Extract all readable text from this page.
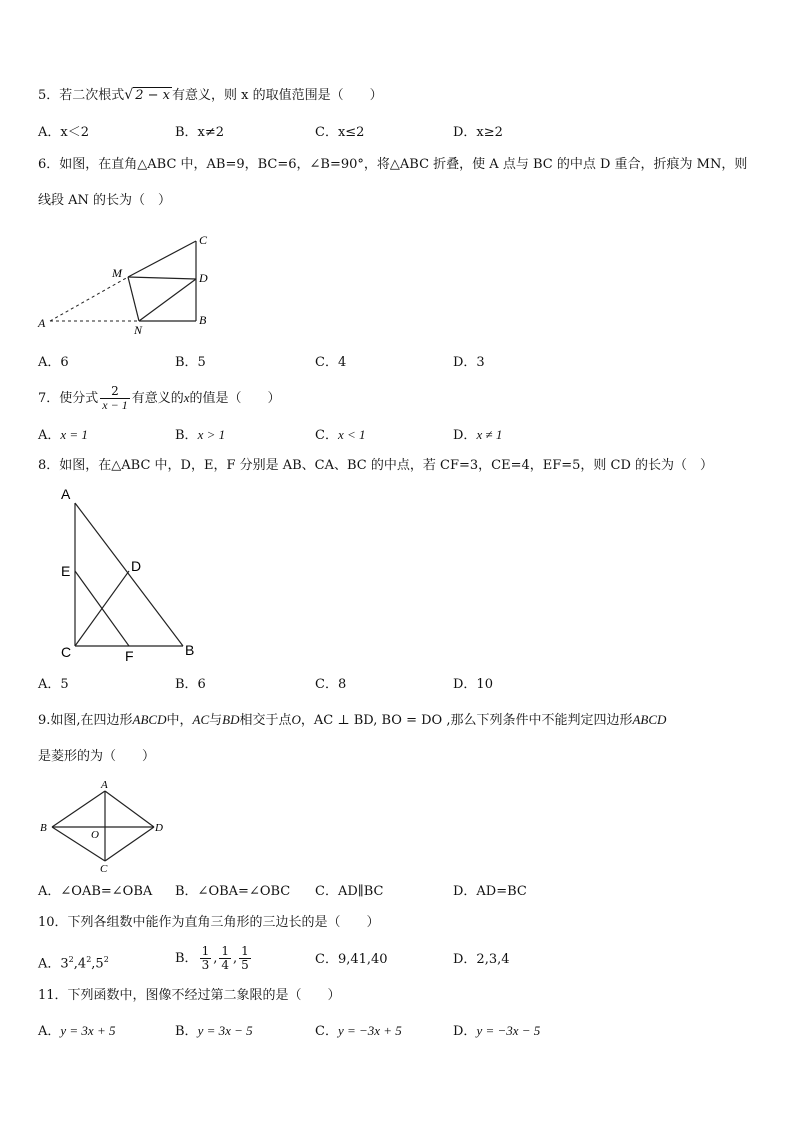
5．若二次根式√ 2 − x 有意义，则 x 的取值范围是（　　）
A．x＜2	B．x≠2	C．x≤2	D．x≥2
6．如图，在直角△ABC 中，AB=9，BC=6，∠B=90°，将△ABC 折叠，使 A 点与 BC 的中点 D 重合，折痕为 MN，则
线段 AN 的长为（　）
A	B
C
D
M
N
A．6	B．5	C．4	D．3
7．使分式 $\frac{2}{x - 1}$ 有意义的x的值是（　　）
A．x = 1	B．x > 1	C．x < 1	D．x ≠ 1
8．如图，在△ABC 中，D，E，F 分别是 AB、CA、BC 的中点，若 CF=3，CE=4，EF=5，则 CD 的长为（　）
A
B
C
D
E
F
A．5	B．6	C．8	D．10
9.如图,在四边形ABCD中，AC与BD相交于点O，AC ⊥ BD, BO = DO ,那么下列条件中不能判定四边形ABCD
是菱形的为（　　）
A
B
C
D
O
A．∠OAB=∠OBA B．∠OBA=∠OBC C．AD∥BC	D．AD=BC
10．下列各组数中能作为直角三角形的三边长的是（　　）
A．$3^2,4^2,5^2$	B． $\frac{1}{3}$ , $\frac{1}{4}$ , $\frac{1}{5}$	C．9,41,40	D．2,3,4
11．下列函数中，图像不经过第二象限的是（　　）
A．y = 3x + 5	B．y = 3x − 5	C．y = −3x + 5	D．y = −3x − 5
